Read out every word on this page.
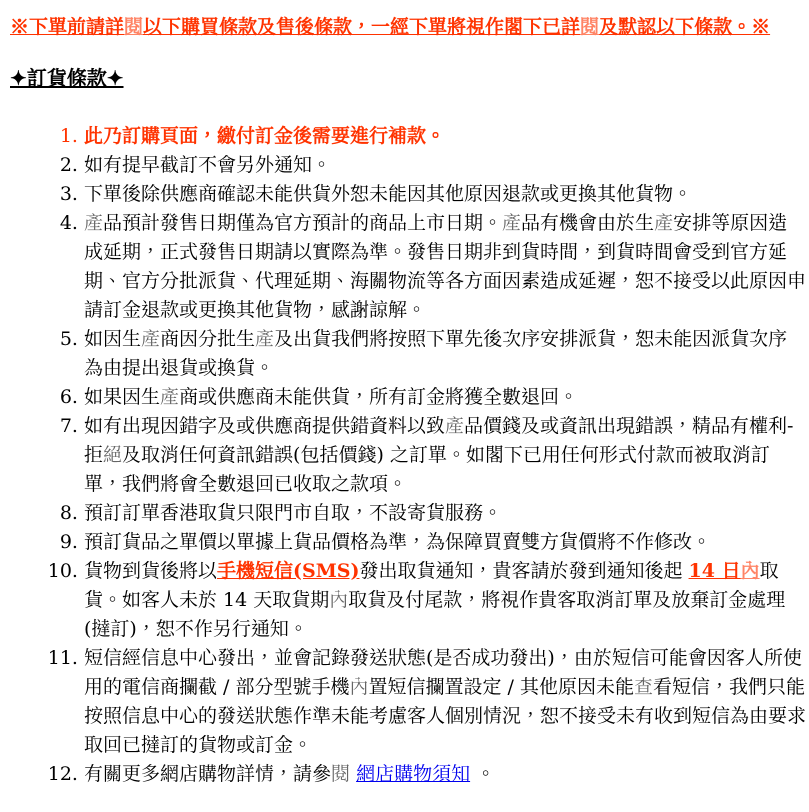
※下單前請詳閱以下購買條款及售後條款，一經下單將視作閣下已詳閱及默認以下條款。※
✦訂貨條款✦
1. 此乃訂購頁面，繳付訂金後需要進行補款。
2. 如有提早截訂不會另外通知。
3. 下單後除供應商確認未能供貨外恕未能因其他原因退款或更換其他貨物。
4. 產品預計發售日期僅為官方預計的商品上市日期。產品有機會由於生產安排等原因造成延期，正式發售日期請以實際為準。發售日期非到貨時間，到貨時間會受到官方延期、官方分批派貨、代理延期、海關物流等各方面因素造成延遲，恕不接受以此原因申請訂金退款或更換其他貨物，感謝諒解。
5. 如因生產商因分批生產及出貨我們將按照下單先後次序安排派貨，恕未能因派貨次序為由提出退貨或換貨。
6. 如果因生產商或供應商未能供貨，所有訂金將獲全數退回。
7. 如有出現因錯字及或供應商提供錯資料以致產品價錢及或資訊出現錯誤，精品有權利-拒絕及取消任何資訊錯誤(包括價錢) 之訂單。如閣下已用任何形式付款而被取消訂單，我們將會全數退回已收取之款項。
8. 預訂訂單香港取貨只限門市自取，不設寄貨服務。
9. 預訂貨品之單價以單據上貨品價格為準，為保障買賣雙方貨價將不作修改。
10. 貨物到貨後將以手機短信(SMS)發出取貨通知，貴客請於發到通知後起 14 日內取貨。如客人未於 14 天取貨期內取貨及付尾款，將視作貴客取消訂單及放棄訂金處理(撻訂)，恕不作另行通知。
11. 短信經信息中心發出，並會記錄發送狀態(是否成功發出)，由於短信可能會因客人所使用的電信商攔截 / 部分型號手機內置短信攔置設定 / 其他原因未能查看短信，我們只能按照信息中心的發送狀態作準未能考慮客人個別情況，恕不接受未有收到短信為由要求取回已撻訂的貨物或訂金。
12. 有關更多網店購物詳情，請參閱 網店購物須知 。
